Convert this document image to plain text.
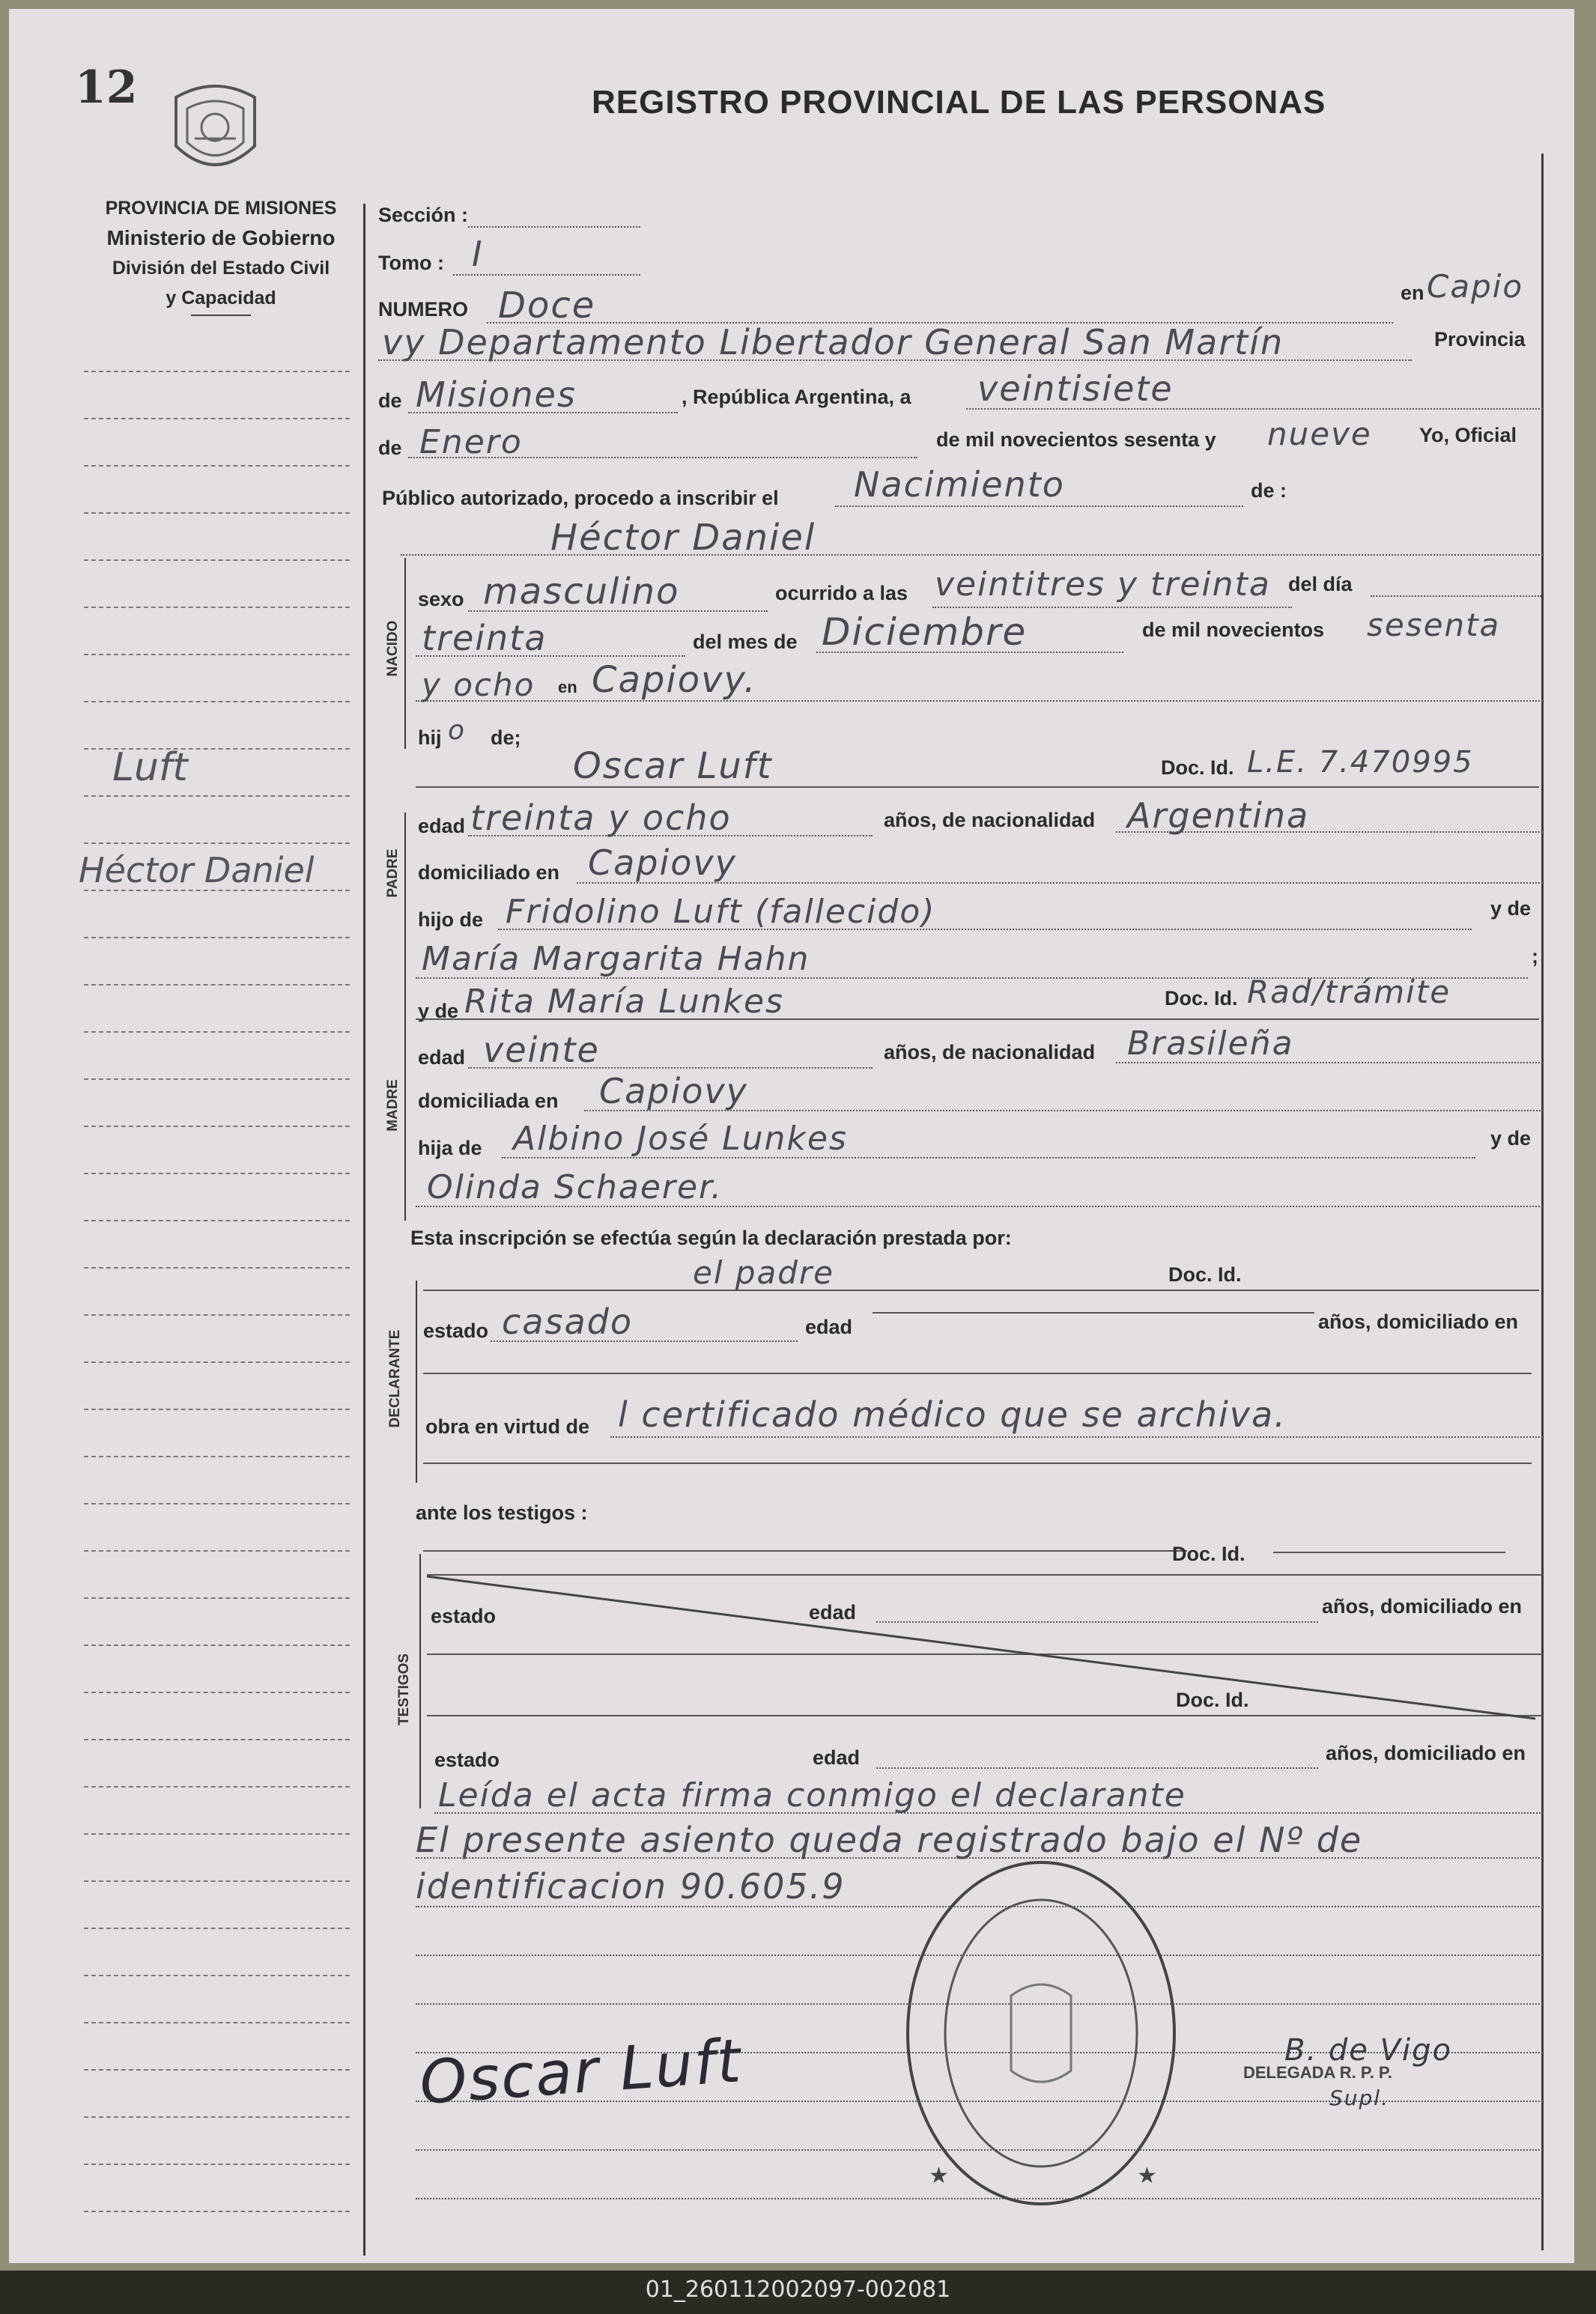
12	REGISTRO PROVINCIAL DE LAS PERSONAS
PROVINCIA DE MISIONES
Ministerio de Gobierno
División del Estado Civil
y Capacidad
Luft
Héctor Daniel
NACIDO
PADRE
MADRE
DECLARANTE
TESTIGOS
Sección :
Tomo : I
NUMERO Doce	en Capio
vy Departamento Libertador General San Martín	Provincia
de Misiones	, República Argentina, a veintisiete
de Enero	de mil novecientos sesenta y nueve Yo, Oficial
Público autorizado, procedo a inscribir el Nacimiento	de :
Héctor Daniel
sexo masculino	ocurrido a las veintitres y treinta del día
treinta	del mes de Diciembre	de mil novecientos sesenta
y ocho en Capiovy.
hij o de;
Oscar Luft	Doc. Id. L.E. 7.470995
edad treinta y ocho	años, de nacionalidad Argentina
domiciliado en Capiovy
hijo de Fridolino Luft (fallecido)	y de
María Margarita Hahn	;
y de Rita María Lunkes	Doc. Id. Rad/trámite
edad veinte	años, de nacionalidad Brasileña
domiciliada en Capiovy
hija de Albino José Lunkes	y de
Olinda Schaerer.
Esta inscripción se efectúa según la declaración prestada por:
el padre	Doc. Id.
estado casado	edad	años, domiciliado en
obra en virtud de l certificado médico que se archiva.
ante los testigos :
Doc. Id.
estado	edad	años, domiciliado en
Doc. Id.
estado	edad	años, domiciliado en
Leída el acta firma conmigo el declarante
El presente asiento queda registrado bajo el Nº de
identificacion 90.605.9
Oscar Luft	B. de Vigo
DELEGADA R. P. P.
Supl.
★	★
01_260112002097-002081
